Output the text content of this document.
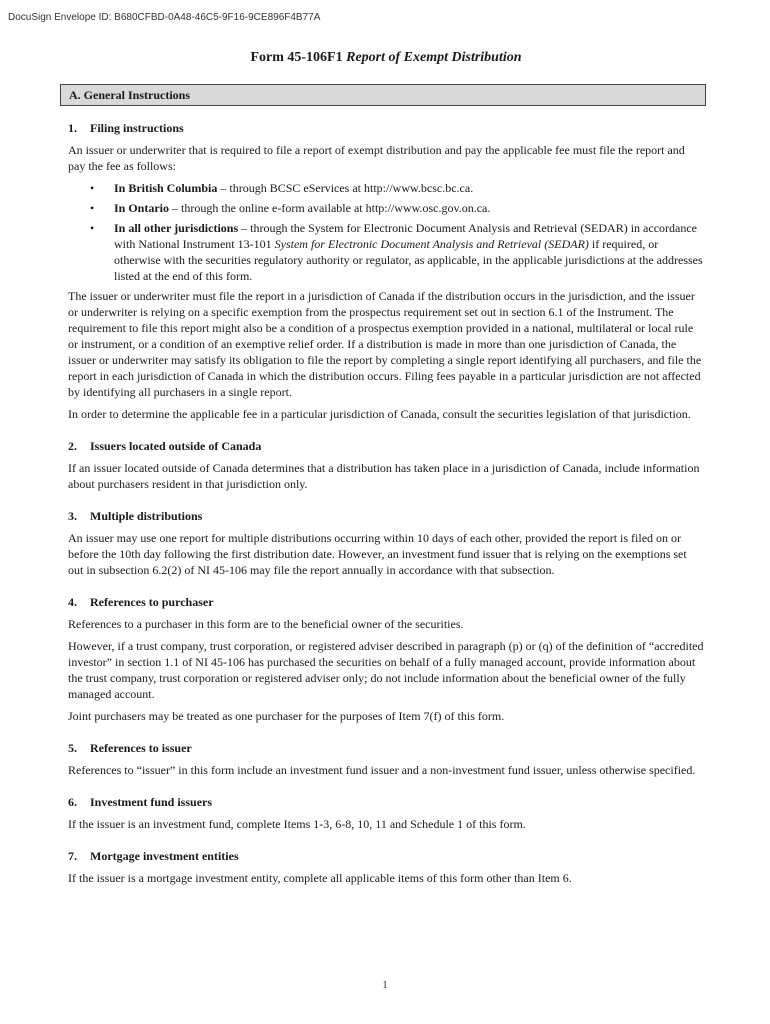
DocuSign Envelope ID: B680CFBD-0A48-46C5-9F16-9CE896F4B77A
Form 45-106F1 Report of Exempt Distribution
A. General Instructions
1. Filing instructions

An issuer or underwriter that is required to file a report of exempt distribution and pay the applicable fee must file the report and pay the fee as follows:

• In British Columbia – through BCSC eServices at http://www.bcsc.bc.ca.
• In Ontario – through the online e-form available at http://www.osc.gov.on.ca.
• In all other jurisdictions – through the System for Electronic Document Analysis and Retrieval (SEDAR) in accordance with National Instrument 13-101 System for Electronic Document Analysis and Retrieval (SEDAR) if required, or otherwise with the securities regulatory authority or regulator, as applicable, in the applicable jurisdictions at the addresses listed at the end of this form.

The issuer or underwriter must file the report in a jurisdiction of Canada if the distribution occurs in the jurisdiction, and the issuer or underwriter is relying on a specific exemption from the prospectus requirement set out in section 6.1 of the Instrument. The requirement to file this report might also be a condition of a prospectus exemption provided in a national, multilateral or local rule or instrument, or a condition of an exemptive relief order. If a distribution is made in more than one jurisdiction of Canada, the issuer or underwriter may satisfy its obligation to file the report by completing a single report identifying all purchasers, and file the report in each jurisdiction of Canada in which the distribution occurs. Filing fees payable in a particular jurisdiction are not affected by identifying all purchasers in a single report.

In order to determine the applicable fee in a particular jurisdiction of Canada, consult the securities legislation of that jurisdiction.

2. Issuers located outside of Canada

If an issuer located outside of Canada determines that a distribution has taken place in a jurisdiction of Canada, include information about purchasers resident in that jurisdiction only.

3. Multiple distributions

An issuer may use one report for multiple distributions occurring within 10 days of each other, provided the report is filed on or before the 10th day following the first distribution date. However, an investment fund issuer that is relying on the exemptions set out in subsection 6.2(2) of NI 45-106 may file the report annually in accordance with that subsection.

4. References to purchaser

References to a purchaser in this form are to the beneficial owner of the securities.

However, if a trust company, trust corporation, or registered adviser described in paragraph (p) or (q) of the definition of “accredited investor” in section 1.1 of NI 45-106 has purchased the securities on behalf of a fully managed account, provide information about the trust company, trust corporation or registered adviser only; do not include information about the beneficial owner of the fully managed account.

Joint purchasers may be treated as one purchaser for the purposes of Item 7(f) of this form.

5. References to issuer

References to “issuer” in this form include an investment fund issuer and a non-investment fund issuer, unless otherwise specified.

6. Investment fund issuers

If the issuer is an investment fund, complete Items 1-3, 6-8, 10, 11 and Schedule 1 of this form.

7. Mortgage investment entities

If the issuer is a mortgage investment entity, complete all applicable items of this form other than Item 6.

1
